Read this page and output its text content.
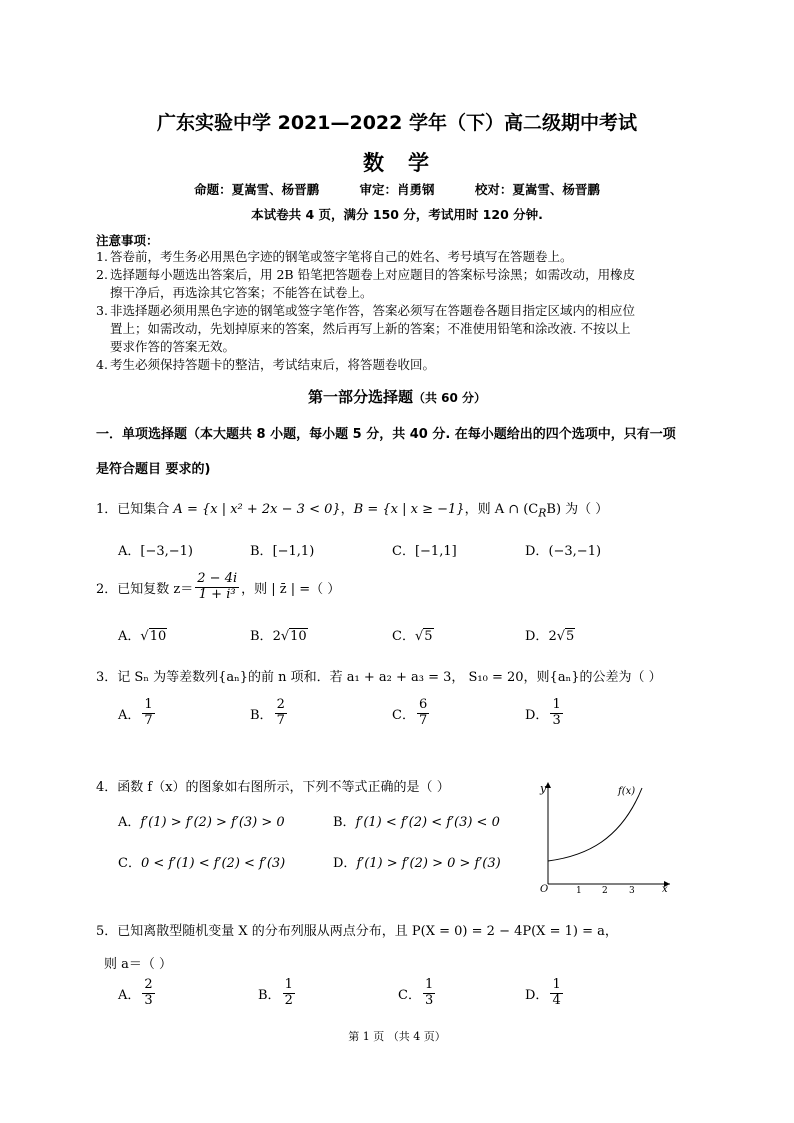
广东实验中学 2021—2022 学年（下）高二级期中考试
数 学
命题：夏嵩雪、杨晋鹏	审定：肖勇钢	校对：夏嵩雪、杨晋鹏
本试卷共 4 页，满分 150 分，考试用时 120 分钟.
注意事项：
1. 答卷前，考生务必用黑色字迹的钢笔或签字笔将自己的姓名、考号填写在答题卷上。
2. 选择题每小题选出答案后，用 2B 铅笔把答题卷上对应题目的答案标号涂黑；如需改动，用橡皮
擦干净后，再选涂其它答案；不能答在试卷上。
3. 非选择题必须用黑色字迹的钢笔或签字笔作答，答案必须写在答题卷各题目指定区域内的相应位
置上；如需改动，先划掉原来的答案，然后再写上新的答案；不准使用铅笔和涂改液. 不按以上
要求作答的答案无效。
4. 考生必须保持答题卡的整洁，考试结束后，将答题卷收回。
第一部分选择题（共 60 分）
一．单项选择题（本大题共 8 小题，每小题 5 分，共 40 分. 在每小题给出的四个选项中，只有一项
是符合题目 要求的)
1．已知集合 A = {x | x² + 2x − 3 < 0}，B = {x | x ≥ −1}，则 A ∩ $(C_RB)$ 为（ ）
A．[−3,−1)	B．[−1,1)	C．[−1,1]	D．(−3,−1)
2． 已知复数 $z= \frac{2 - 4i}{\text{1 + i³}}$ ，则 | z̄ | =（ ）
A．√10	B．2√10	C．√5	D．2√5
3．记 Sₙ 为等差数列{aₙ}的前 n 项和．若 a₁ + a₂ + a₃ = 3， S₁₀ = 20，则{aₙ}的公差为（ ）
A． $\frac{1}{7}$	B． $\frac{2}{7}$	C． $\frac{6}{7}$	D． $\frac{1}{3}$
4．函数 f（x）的图象如右图所示，下列不等式正确的是（ ）
A．f′(1) > f′(2) > f′(3) > 0	B．f′(1) < f′(2) < f′(3) < 0
C．0 < f′(1) < f′(2) < f′(3)	D．f′(1) > f′(2) > 0 > f′(3)
y
x
O	1 2 3
f(x)
5．已知离散型随机变量 X 的分布列服从两点分布，且 P(X = 0) = 2 − 4P(X = 1) = a，
则 a＝（ ）
A． $\frac{2}{3}$	B． $\frac{1}{2}$	C． $\frac{1}{3}$	D． $\frac{1}{4}$
第 1 页 （共 4 页）
